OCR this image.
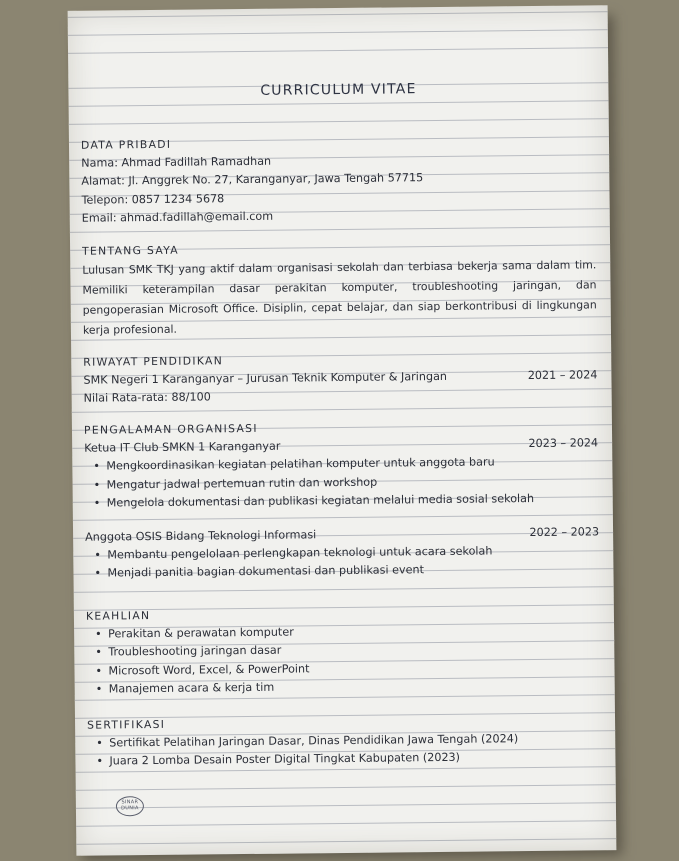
CURRICULUM VITAE
DATA PRIBADI
Nama: Ahmad Fadillah Ramadhan
Alamat: Jl. Anggrek No. 27, Karanganyar, Jawa Tengah 57715
Telepon: 0857 1234 5678
Email: ahmad.fadillah@email.com
TENTANG SAYA
Lulusan SMK TKJ yang aktif dalam organisasi sekolah dan terbiasa bekerja sama dalam tim. Memiliki keterampilan dasar perakitan komputer, troubleshooting jaringan, dan pengoperasian Microsoft Office. Disiplin, cepat belajar, dan siap berkontribusi di lingkungan kerja profesional.
RIWAYAT PENDIDIKAN
SMK Negeri 1 Karanganyar – Jurusan Teknik Komputer & Jaringan	2021 – 2024
Nilai Rata-rata: 88/100
PENGALAMAN ORGANISASI
Ketua IT Club SMKN 1 Karanganyar	2023 – 2024
• Mengkoordinasikan kegiatan pelatihan komputer untuk anggota baru
• Mengatur jadwal pertemuan rutin dan workshop
• Mengelola dokumentasi dan publikasi kegiatan melalui media sosial sekolah
Anggota OSIS Bidang Teknologi Informasi	2022 – 2023
• Membantu pengelolaan perlengkapan teknologi untuk acara sekolah
• Menjadi panitia bagian dokumentasi dan publikasi event
KEAHLIAN
• Perakitan & perawatan komputer
• Troubleshooting jaringan dasar
• Microsoft Word, Excel, & PowerPoint
• Manajemen acara & kerja tim
SERTIFIKASI
• Sertifikat Pelatihan Jaringan Dasar, Dinas Pendidikan Jawa Tengah (2024)
• Juara 2 Lomba Desain Poster Digital Tingkat Kabupaten (2023)
SINAR DUNIA
